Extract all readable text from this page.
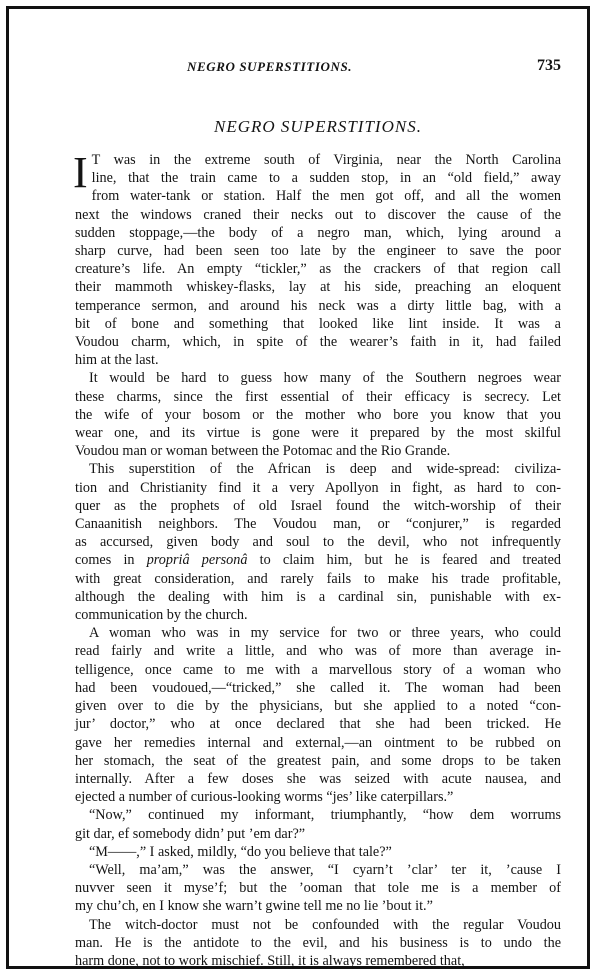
NEGRO SUPERSTITIONS.	735
NEGRO SUPERSTITIONS.
I T was in the extreme south of Virginia, near the North Carolina
line, that the train came to a sudden stop, in an “old field,” away
from water-tank or station. Half the men got off, and all the women
next the windows craned their necks out to discover the cause of the
sudden stoppage,—the body of a negro man, which, lying around a
sharp curve, had been seen too late by the engineer to save the poor
creature’s life. An empty “tickler,” as the crackers of that region call
their mammoth whiskey-flasks, lay at his side, preaching an eloquent
temperance sermon, and around his neck was a dirty little bag, with a
bit of bone and something that looked like lint inside. It was a
Voudou charm, which, in spite of the wearer’s faith in it, had failed
him at the last.
It would be hard to guess how many of the Southern negroes wear
these charms, since the first essential of their efficacy is secrecy. Let
the wife of your bosom or the mother who bore you know that you
wear one, and its virtue is gone were it prepared by the most skilful
Voudou man or woman between the Potomac and the Rio Grande.
This superstition of the African is deep and wide-spread: civiliza-
tion and Christianity find it a very Apollyon in fight, as hard to con-
quer as the prophets of old Israel found the witch-worship of their
Canaanitish neighbors. The Voudou man, or “conjurer,” is regarded
as accursed, given body and soul to the devil, who not infrequently
comes in propriâ personâ to claim him, but he is feared and treated
with great consideration, and rarely fails to make his trade profitable,
although the dealing with him is a cardinal sin, punishable with ex-
communication by the church.
A woman who was in my service for two or three years, who could
read fairly and write a little, and who was of more than average in-
telligence, once came to me with a marvellous story of a woman who
had been voudoued,—“tricked,” she called it. The woman had been
given over to die by the physicians, but she applied to a noted “con-
jur’ doctor,” who at once declared that she had been tricked. He
gave her remedies internal and external,—an ointment to be rubbed on
her stomach, the seat of the greatest pain, and some drops to be taken
internally. After a few doses she was seized with acute nausea, and
ejected a number of curious-looking worms “jes’ like caterpillars.”
“Now,” continued my informant, triumphantly, “how dem worrums
git dar, ef somebody didn’ put ’em dar?”
“M——,” I asked, mildly, “do you believe that tale?”
“Well, ma’am,” was the answer, “I cyarn’t ’clar’ ter it, ’cause I
nuvver seen it myse’f; but the ’ooman that tole me is a member of
my chu’ch, en I know she warn’t gwine tell me no lie ’bout it.”
The witch-doctor must not be confounded with the regular Voudou
man. He is the antidote to the evil, and his business is to undo the
harm done, not to work mischief. Still, it is always remembered that,
